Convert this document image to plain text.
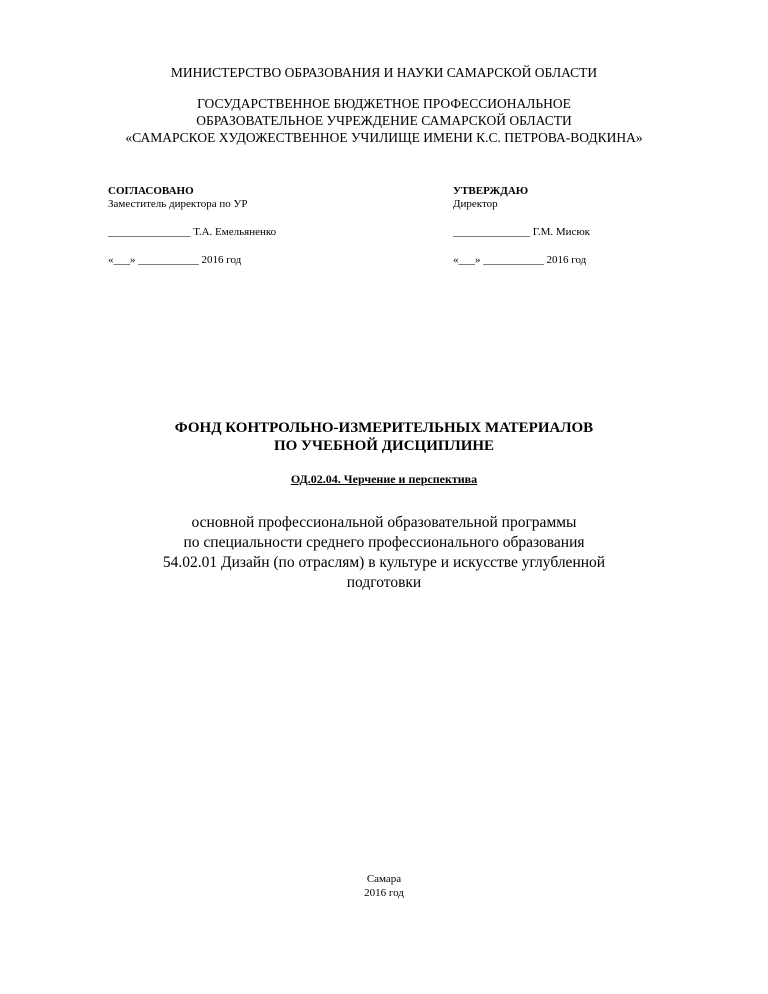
МИНИСТЕРСТВО ОБРАЗОВАНИЯ И НАУКИ САМАРСКОЙ ОБЛАСТИ
ГОСУДАРСТВЕННОЕ БЮДЖЕТНОЕ ПРОФЕССИОНАЛЬНОЕ
ОБРАЗОВАТЕЛЬНОЕ УЧРЕЖДЕНИЕ САМАРСКОЙ ОБЛАСТИ
«САМАРСКОЕ ХУДОЖЕСТВЕННОЕ УЧИЛИЩЕ ИМЕНИ К.С. ПЕТРОВА-ВОДКИНА»
СОГЛАСОВАНО
Заместитель директора по УР
_______________ Т.А. Емельяненко
«___» ___________ 2016 год
УТВЕРЖДАЮ
Директор
______________ Г.М. Мисюк
«___» ___________ 2016 год
ФОНД КОНТРОЛЬНО-ИЗМЕРИТЕЛЬНЫХ МАТЕРИАЛОВ
ПО УЧЕБНОЙ ДИСЦИПЛИНЕ
ОД.02.04. Черчение и перспектива
основной профессиональной образовательной программы
по специальности среднего профессионального образования
54.02.01 Дизайн (по отраслям) в культуре и искусстве углубленной
подготовки
Самара
2016 год
